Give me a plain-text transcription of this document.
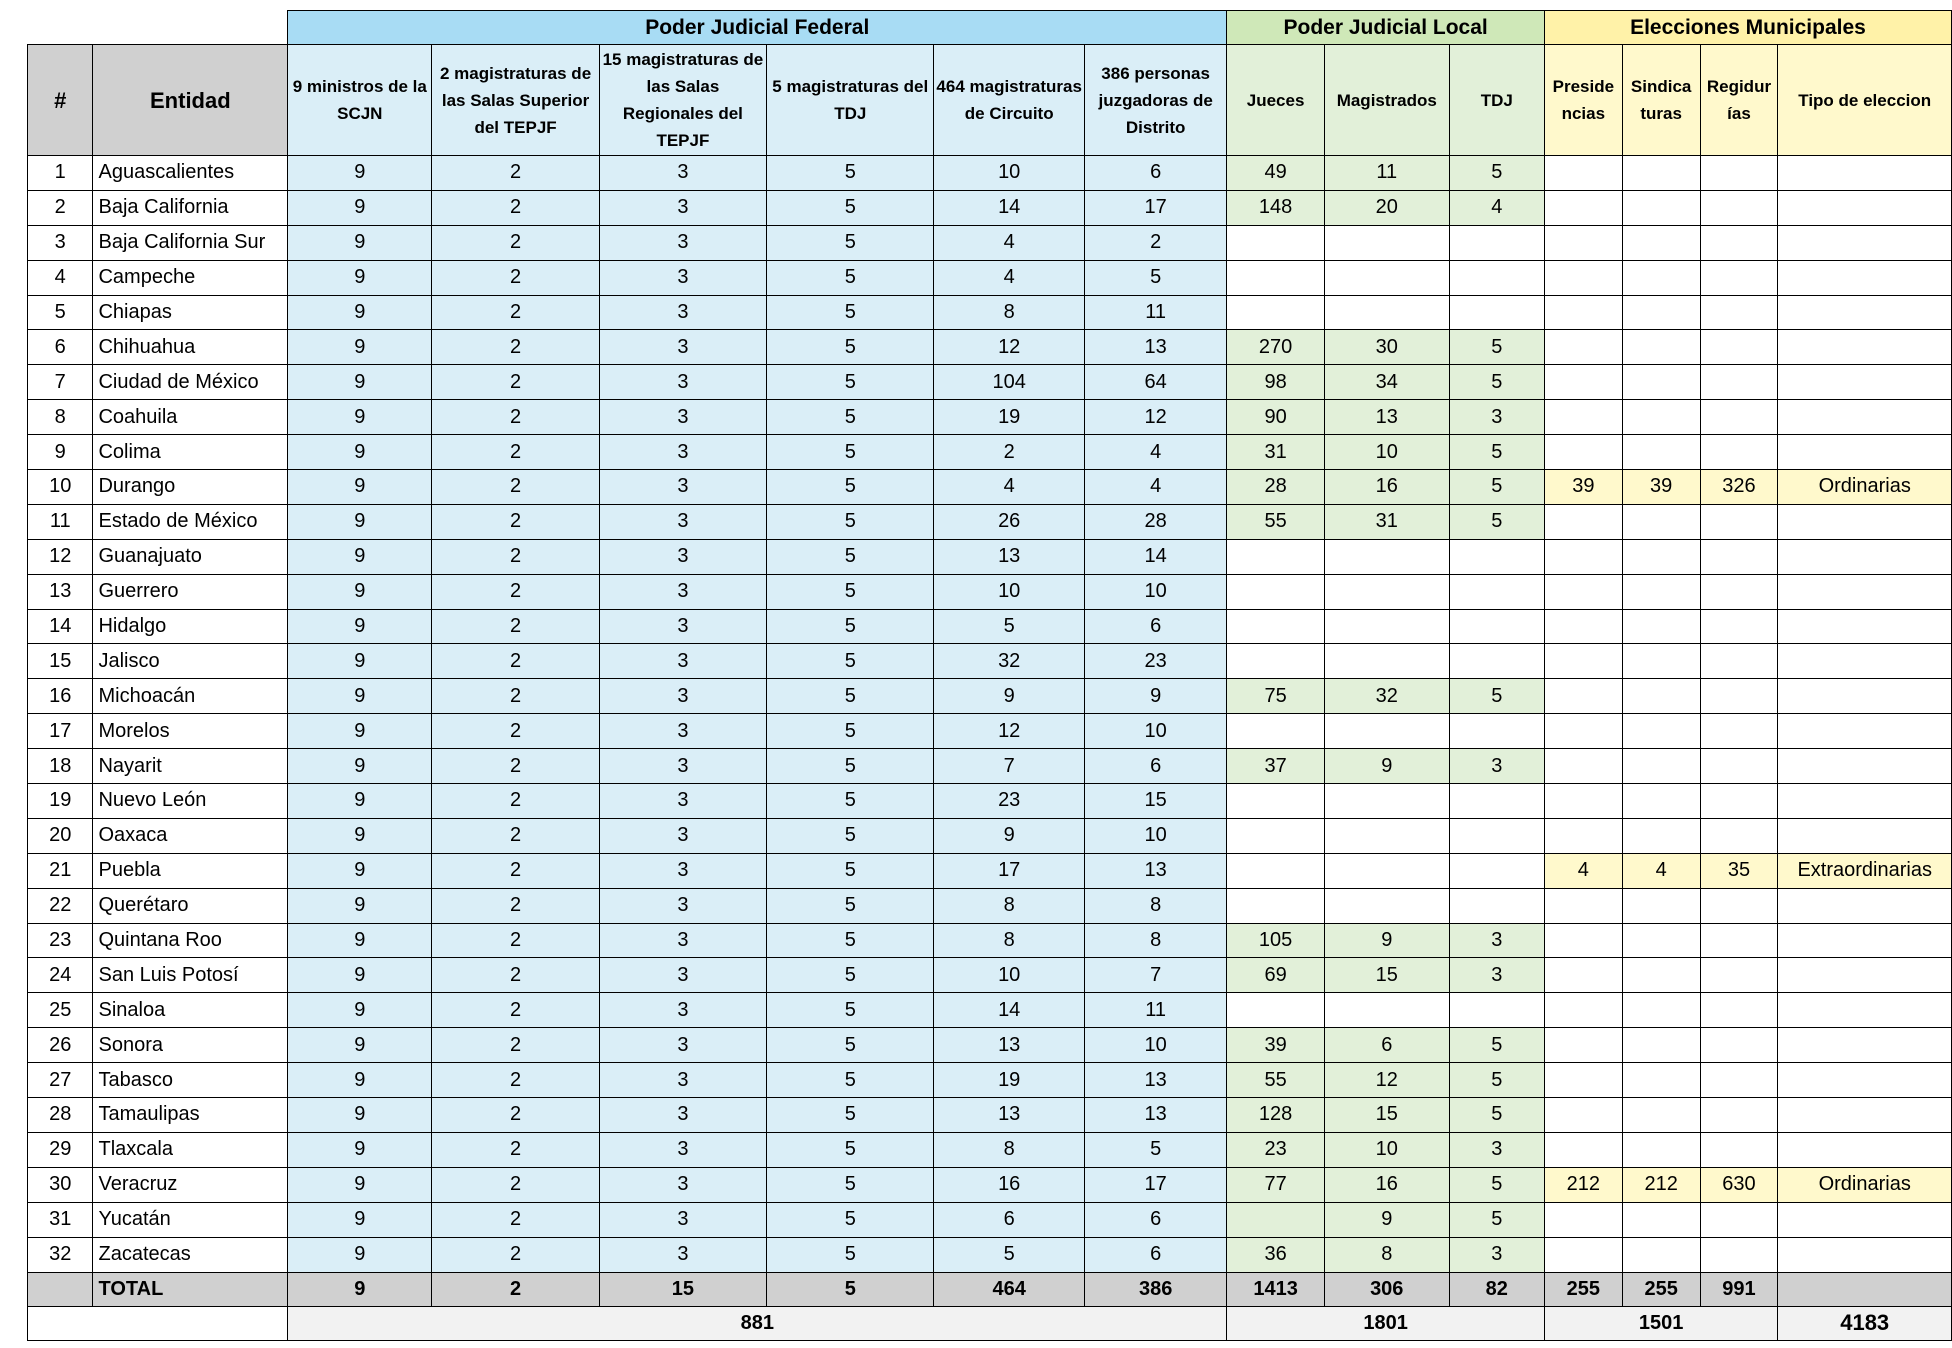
		Poder Judicial Federal						Poder Judicial Local			Elecciones Municipales			
#	Entidad	9 ministros de la SCJN	2 magistraturas de las Salas Superior del TEPJF	15 magistraturas de las Salas Regionales del TEPJF	5 magistraturas del TDJ	464 magistraturas de Circuito	386 personas juzgadoras de Distrito	Jueces	Magistrados	TDJ	Preside ncias	Sindica turas	Regidur ías	Tipo de eleccion
1	Aguascalientes	9	2	3	5	10	6	49	11	5				
2	Baja California	9	2	3	5	14	17	148	20	4				
3	Baja California Sur	9	2	3	5	4	2							
4	Campeche	9	2	3	5	4	5							
5	Chiapas	9	2	3	5	8	11							
6	Chihuahua	9	2	3	5	12	13	270	30	5				
7	Ciudad de México	9	2	3	5	104	64	98	34	5				
8	Coahuila	9	2	3	5	19	12	90	13	3				
9	Colima	9	2	3	5	2	4	31	10	5				
10	Durango	9	2	3	5	4	4	28	16	5	39	39	326	Ordinarias
11	Estado de México	9	2	3	5	26	28	55	31	5				
12	Guanajuato	9	2	3	5	13	14							
13	Guerrero	9	2	3	5	10	10							
14	Hidalgo	9	2	3	5	5	6							
15	Jalisco	9	2	3	5	32	23							
16	Michoacán	9	2	3	5	9	9	75	32	5				
17	Morelos	9	2	3	5	12	10							
18	Nayarit	9	2	3	5	7	6	37	9	3				
19	Nuevo León	9	2	3	5	23	15							
20	Oaxaca	9	2	3	5	9	10							
21	Puebla	9	2	3	5	17	13				4	4	35	Extraordinarias
22	Querétaro	9	2	3	5	8	8							
23	Quintana Roo	9	2	3	5	8	8	105	9	3				
24	San Luis Potosí	9	2	3	5	10	7	69	15	3				
25	Sinaloa	9	2	3	5	14	11							
26	Sonora	9	2	3	5	13	10	39	6	5				
27	Tabasco	9	2	3	5	19	13	55	12	5				
28	Tamaulipas	9	2	3	5	13	13	128	15	5				
29	Tlaxcala	9	2	3	5	8	5	23	10	3				
30	Veracruz	9	2	3	5	16	17	77	16	5	212	212	630	Ordinarias
31	Yucatán	9	2	3	5	6	6		9	5				
32	Zacatecas	9	2	3	5	5	6	36	8	3				
	TOTAL	9	2	15	5	464	386	1413	306	82	255	255	991	
		881						1801			1501			4183
